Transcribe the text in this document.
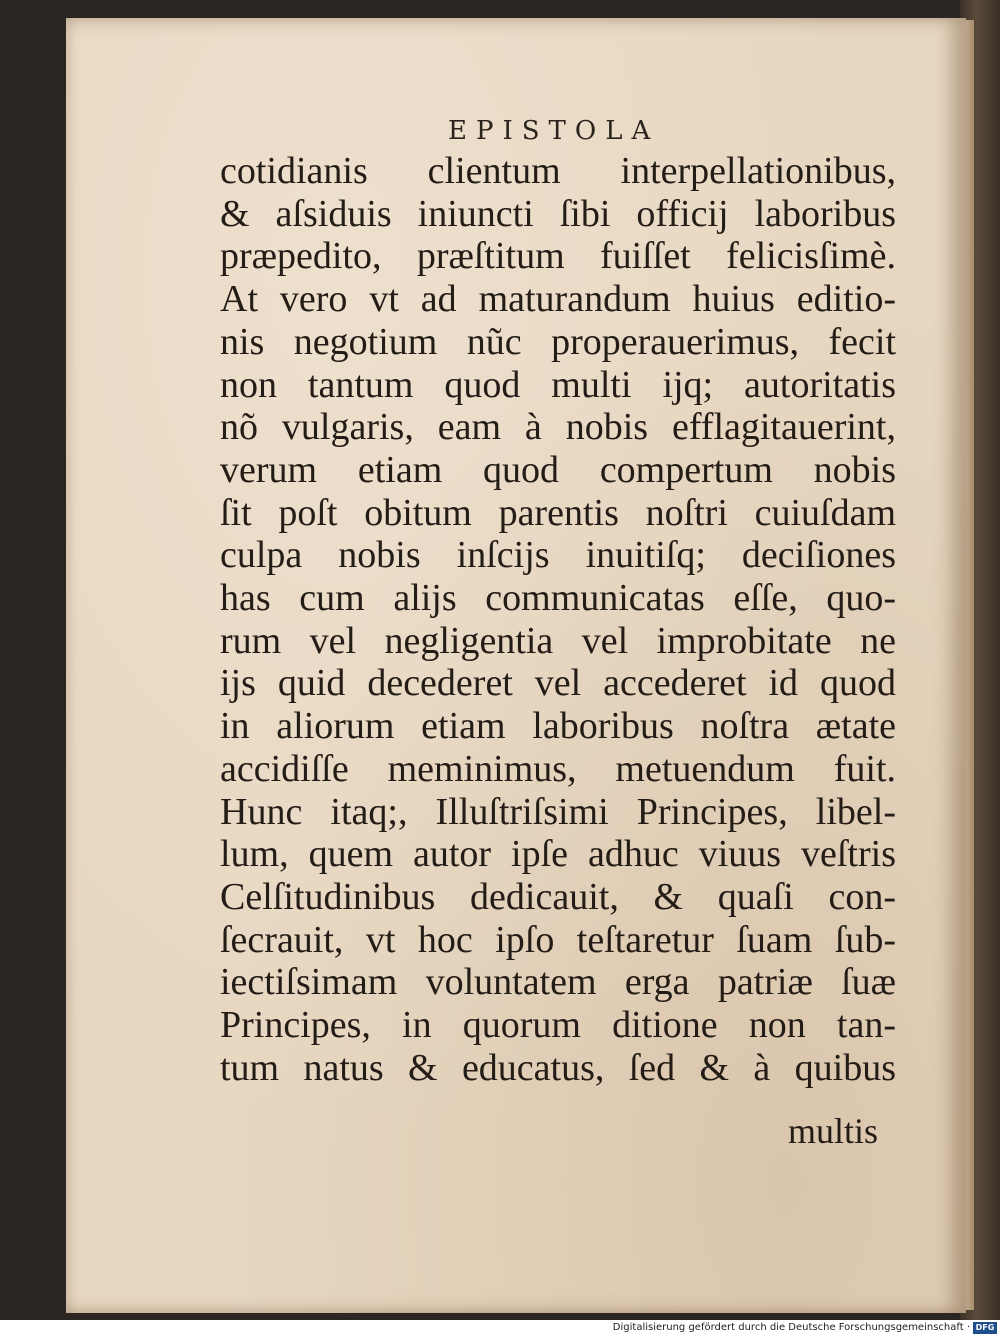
EPISTOLA
cotidianis clientum interpellationibus,
& aſsiduis iniuncti ſibi officij laboribus
præpedito, præſtitum fuiſſet felicisſimè.
At vero vt ad maturandum huius editio-
nis negotium nũc properauerimus, fecit
non tantum quod multi ijq; autoritatis
nõ vulgaris, eam à nobis efflagitauerint,
verum etiam quod compertum nobis
ſit poſt obitum parentis noſtri cuiuſdam
culpa nobis inſcijs inuitiſq; deciſiones
has cum alijs communicatas eſſe, quo-
rum vel negligentia vel improbitate ne
ijs quid decederet vel accederet id quod
in aliorum etiam laboribus noſtra ætate
accidiſſe meminimus, metuendum fuit.
Hunc itaq;, Illuſtriſsimi Principes, libel-
lum, quem autor ipſe adhuc viuus veſtris
Celſitudinibus dedicauit, & quaſi con-
ſecrauit, vt hoc ipſo teſtaretur ſuam ſub-
iectiſsimam voluntatem erga patriæ ſuæ
Principes, in quorum ditione non tan-
tum natus & educatus, ſed & à quibus
multis
Digitalisierung gefördert durch die Deutsche Forschungsgemeinschaft · DFG
